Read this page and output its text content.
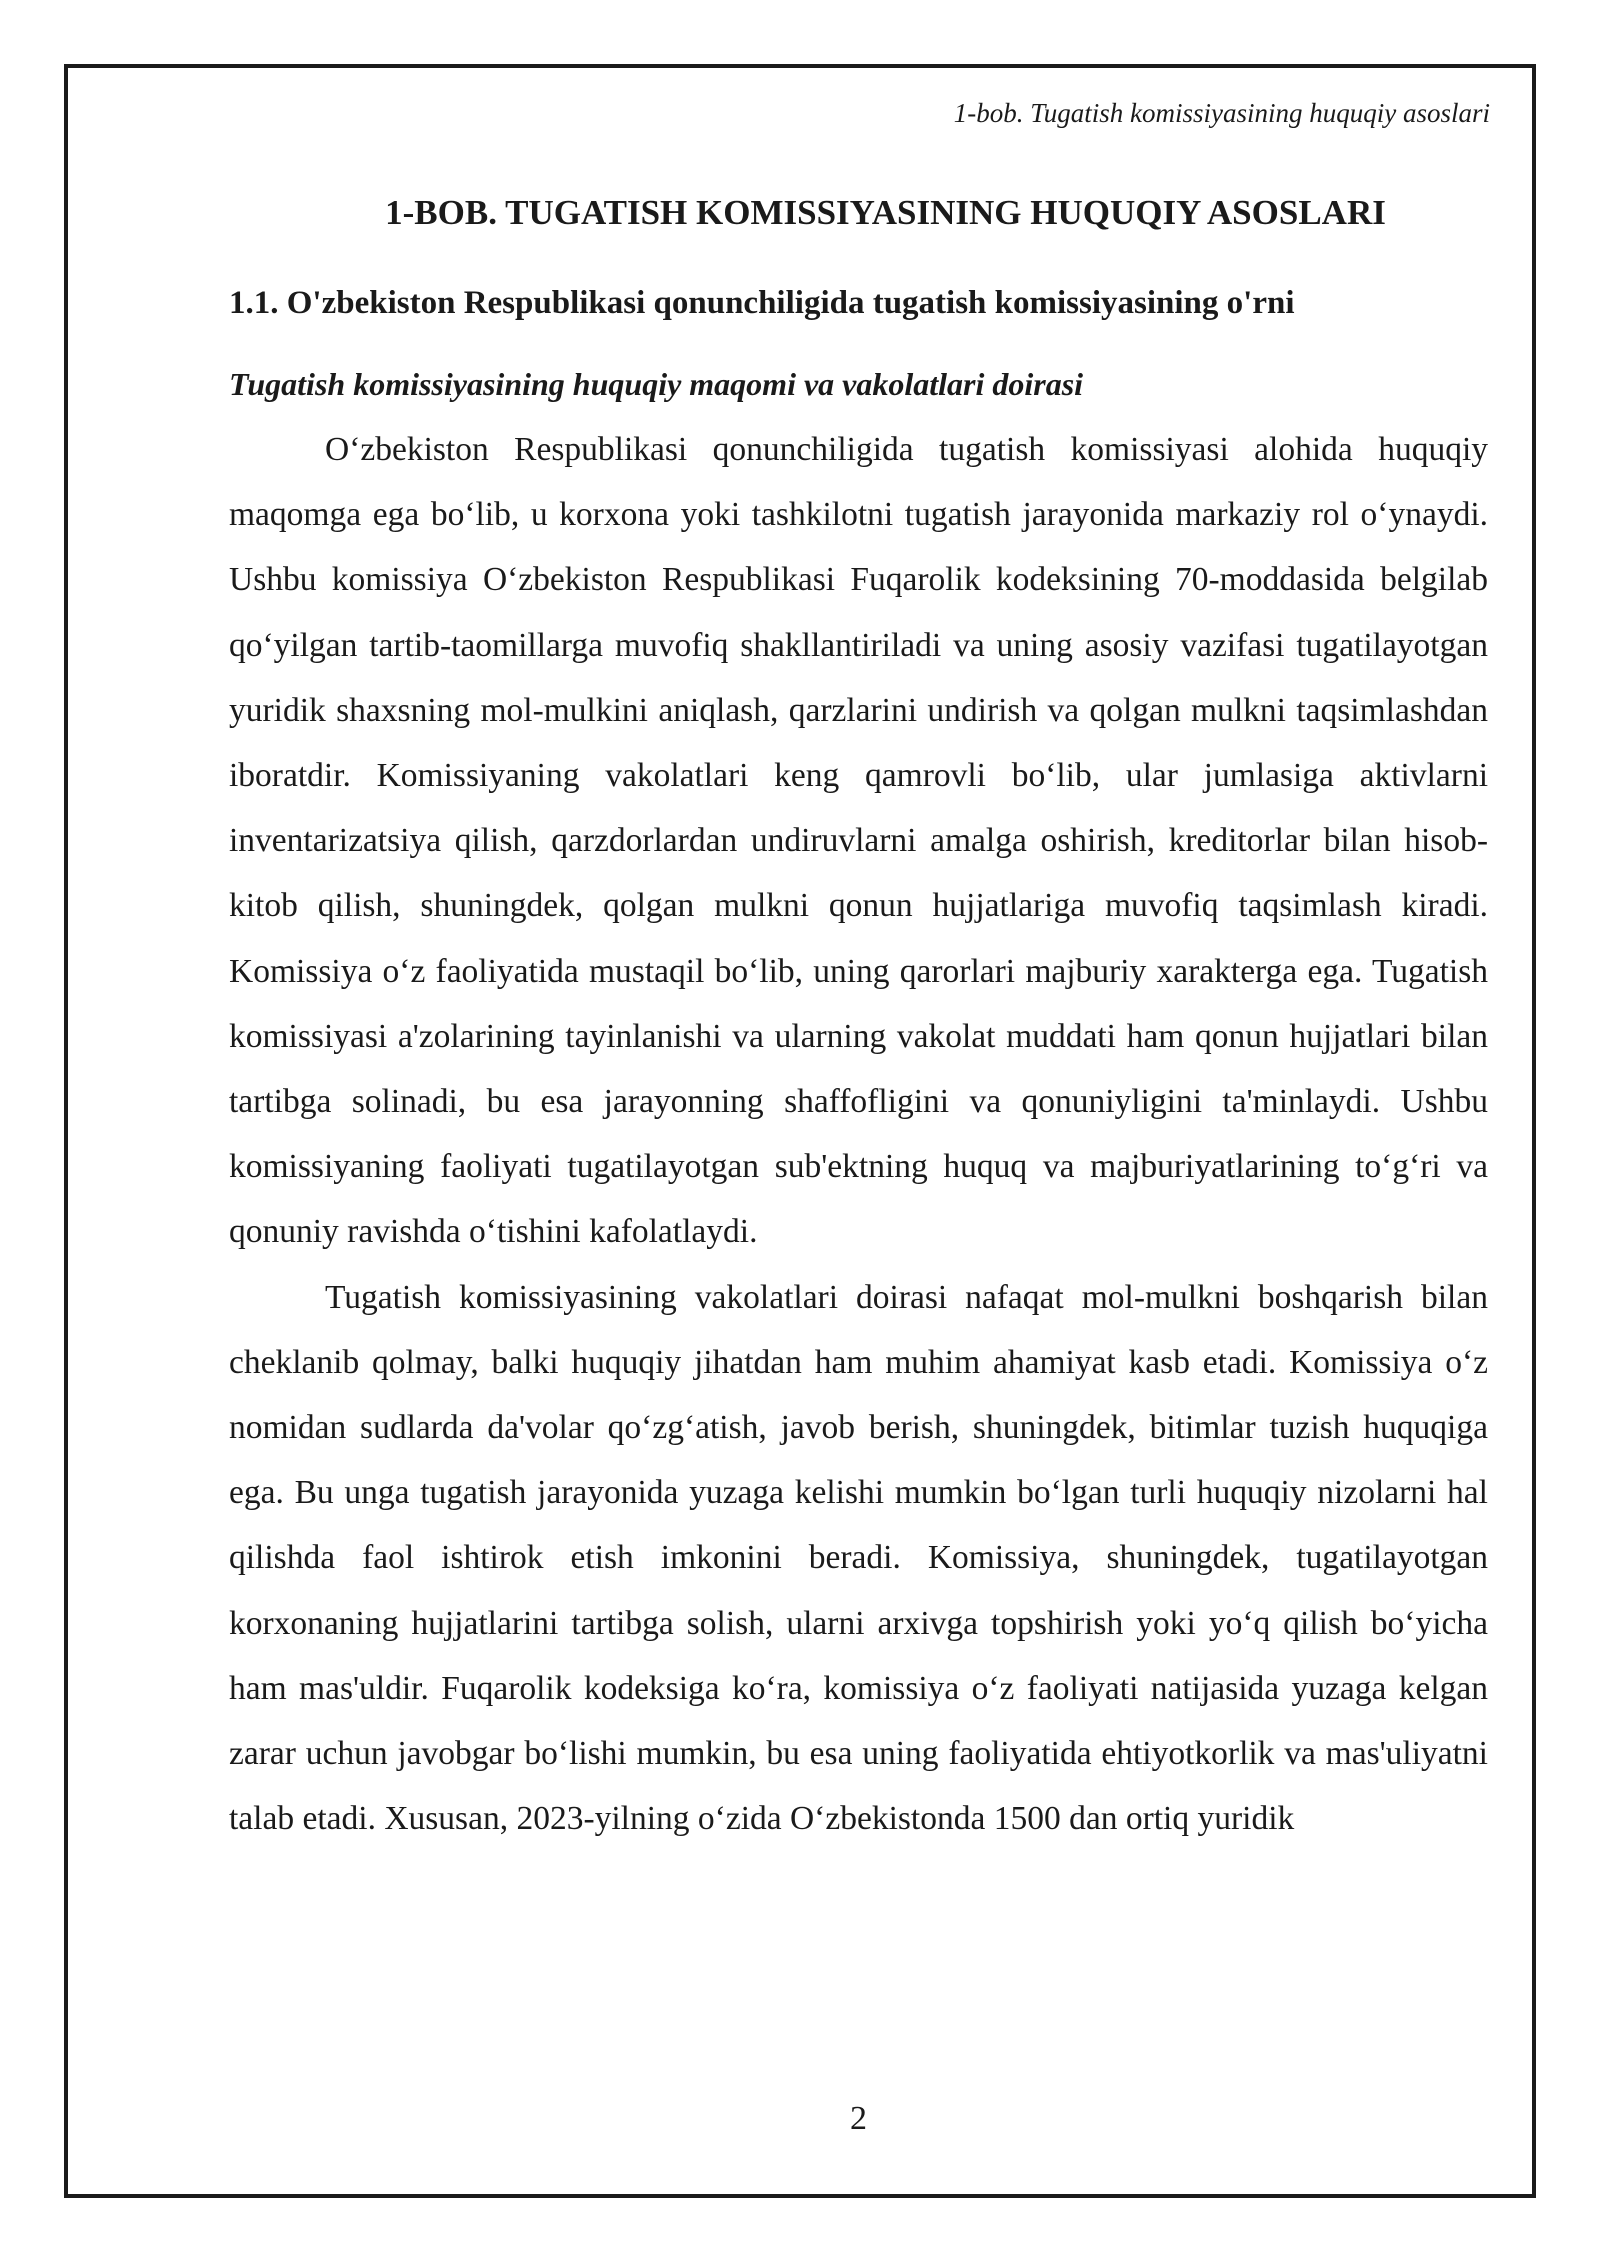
1-bob. Tugatish komissiyasining huquqiy asoslari
1-BOB. TUGATISH KOMISSIYASINING HUQUQIY ASOSLARI
1.1. O'zbekiston Respublikasi qonunchiligida tugatish komissiyasining o'rni
Tugatish komissiyasining huquqiy maqomi va vakolatlari doirasi

O‘zbekiston Respublikasi qonunchiligida tugatish komissiyasi alohida huquqiy maqomga ega bo‘lib, u korxona yoki tashkilotni tugatish jarayonida markaziy rol o‘ynaydi. Ushbu komissiya O‘zbekiston Respublikasi Fuqarolik kodeksining 70-moddasida belgilab qo‘yilgan tartib-taomillarga muvofiq shakllantiriladi va uning asosiy vazifasi tugatilayotgan yuridik shaxsning mol-mulkini aniqlash, qarzlarini undirish va qolgan mulkni taqsimlashdan iboratdir. Komissiyaning vakolatlari keng qamrovli bo‘lib, ular jumlasiga aktivlarni inventarizatsiya qilish, qarzdorlardan undiruvlarni amalga oshirish, kreditorlar bilan hisob-kitob qilish, shuningdek, qolgan mulkni qonun hujjatlariga muvofiq taqsimlash kiradi. Komissiya o‘z faoliyatida mustaqil bo‘lib, uning qarorlari majburiy xarakterga ega. Tugatish komissiyasi a'zolarining tayinlanishi va ularning vakolat muddati ham qonun hujjatlari bilan tartibga solinadi, bu esa jarayonning shaffofligini va qonuniyligini ta'minlaydi. Ushbu komissiyaning faoliyati tugatilayotgan sub'ektning huquq va majburiyatlarining to‘g‘ri va qonuniy ravishda o‘tishini kafolatlaydi.

Tugatish komissiyasining vakolatlari doirasi nafaqat mol-mulkni boshqarish bilan cheklanib qolmay, balki huquqiy jihatdan ham muhim ahamiyat kasb etadi. Komissiya o‘z nomidan sudlarda da'volar qo‘zg‘atish, javob berish, shuningdek, bitimlar tuzish huquqiga ega. Bu unga tugatish jarayonida yuzaga kelishi mumkin bo‘lgan turli huquqiy nizolarni hal qilishda faol ishtirok etish imkonini beradi. Komissiya, shuningdek, tugatilayotgan korxonaning hujjatlarini tartibga solish, ularni arxivga topshirish yoki yo‘q qilish bo‘yicha ham mas'uldir. Fuqarolik kodeksiga ko‘ra, komissiya o‘z faoliyati natijasida yuzaga kelgan zarar uchun javobgar bo‘lishi mumkin, bu esa uning faoliyatida ehtiyotkorlik va mas'uliyatni talab etadi. Xususan, 2023-yilning o‘zida O‘zbekistonda 1500 dan ortiq yuridik

2
